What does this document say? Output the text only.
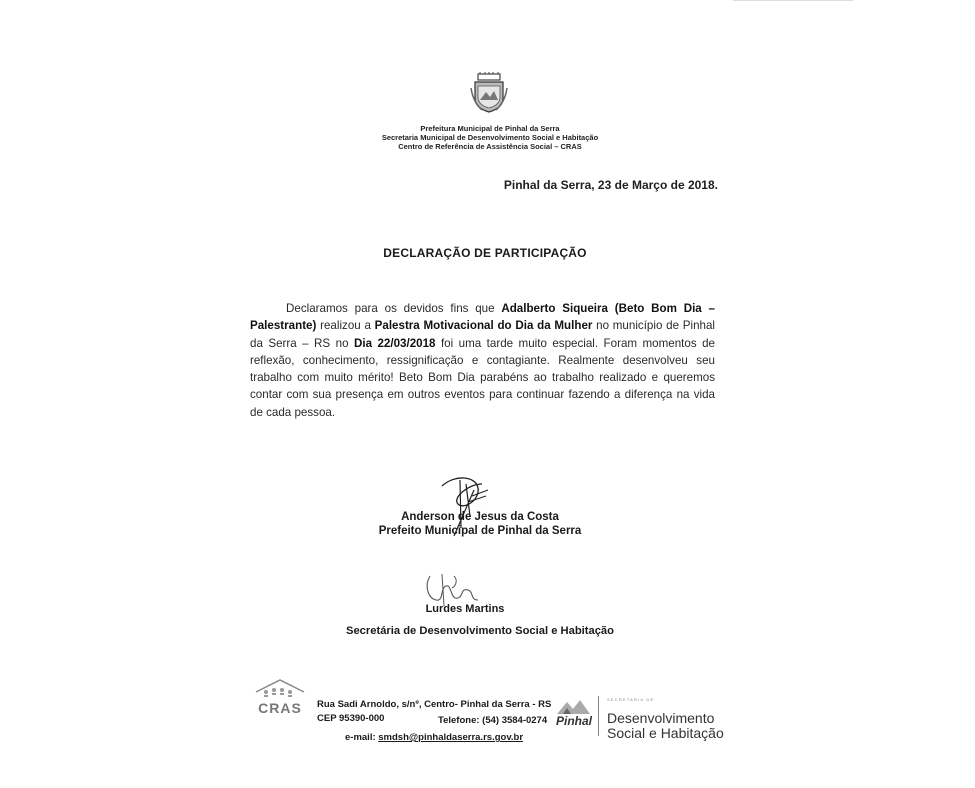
Prefeitura Municipal de Pinhal da Serra
Secretaria Municipal de Desenvolvimento Social e Habitação
Centro de Referência de Assistência Social – CRAS
Pinhal da Serra, 23 de Março de 2018.
DECLARAÇÃO DE PARTICIPAÇÃO
Declaramos para os devidos fins que Adalberto Siqueira (Beto Bom Dia – Palestrante) realizou a Palestra Motivacional do Dia da Mulher no município de Pinhal da Serra – RS no Dia 22/03/2018 foi uma tarde muito especial. Foram momentos de reflexão, conhecimento, ressignificação e contagiante. Realmente desenvolveu seu trabalho com muito mérito! Beto Bom Dia parabéns ao trabalho realizado e queremos contar com sua presença em outros eventos para continuar fazendo a diferença na vida de cada pessoa.
Anderson de Jesus da Costa
Prefeito Municipal de Pinhal da Serra
Lurdes Martins
Secretária de Desenvolvimento Social e Habitação
CRAS	Rua Sadi Arnoldo, s/nº, Centro- Pinhal da Serra - RS
CEP 95390-000	Telefone: (54) 3584-0274
e-mail: smdsh@pinhaldaserra.rs.gov.br
Pinhal
SECRETARIA DE
Desenvolvimento
Social e Habitação
